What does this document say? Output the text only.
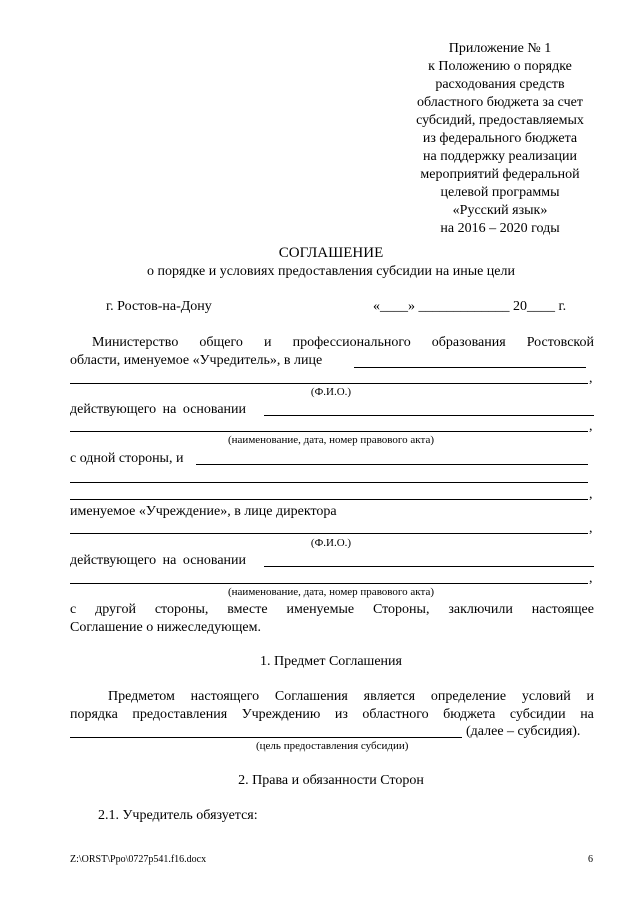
Приложение № 1
к Положению о порядке
расходования средств
областного бюджета за счет
субсидий, предоставляемых
из федерального бюджета
на поддержку реализации
мероприятий федеральной
целевой программы
«Русский язык»
на 2016 – 2020 годы
СОГЛАШЕНИЕ
о порядке и условиях предоставления субсидии на иные цели
г. Ростов-на-Дону	«____» _____________ 20____ г.
Министерство общего и профессионального образования Ростовской
области, именуемое «Учредитель», в лице
,
(Ф.И.О.)
действующего на основании
,
(наименование, дата, номер правового акта)
с одной стороны, и
,
именуемое «Учреждение», в лице директора
,
(Ф.И.О.)
действующего на основании
,
(наименование, дата, номер правового акта)
с другой стороны, вместе именуемые Стороны, заключили настоящее
Соглашение о нижеследующем.
1. Предмет Соглашения
Предметом настоящего Соглашения является определение условий и
порядка предоставления Учреждению из областного бюджета субсидии на
(далее – субсидия).
(цель предоставления субсидии)
2. Права и обязанности Сторон
2.1. Учредитель обязуется:
Z:\ORST\Ppo\0727p541.f16.docx	6
